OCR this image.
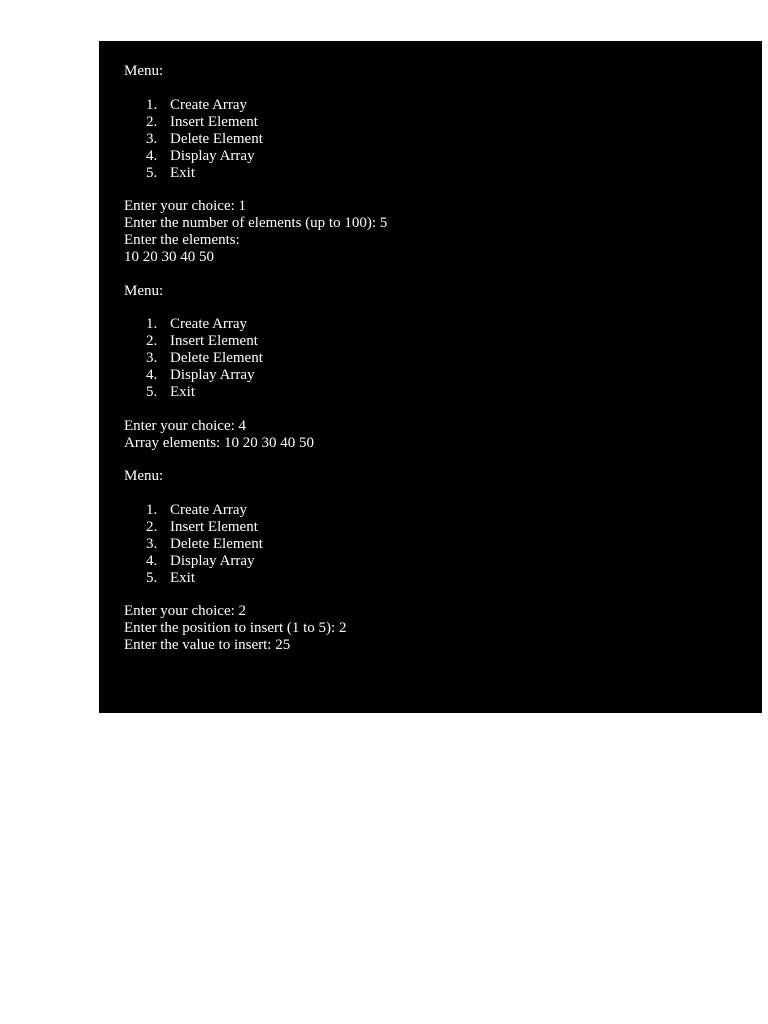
Menu:
1. Create Array
2. Insert Element
3. Delete Element
4. Display Array
5. Exit
Enter your choice: 1
Enter the number of elements (up to 100): 5
Enter the elements:
10 20 30 40 50
Menu:
1. Create Array
2. Insert Element
3. Delete Element
4. Display Array
5. Exit
Enter your choice: 4
Array elements: 10 20 30 40 50
Menu:
1. Create Array
2. Insert Element
3. Delete Element
4. Display Array
5. Exit
Enter your choice: 2
Enter the position to insert (1 to 5): 2
Enter the value to insert: 25
